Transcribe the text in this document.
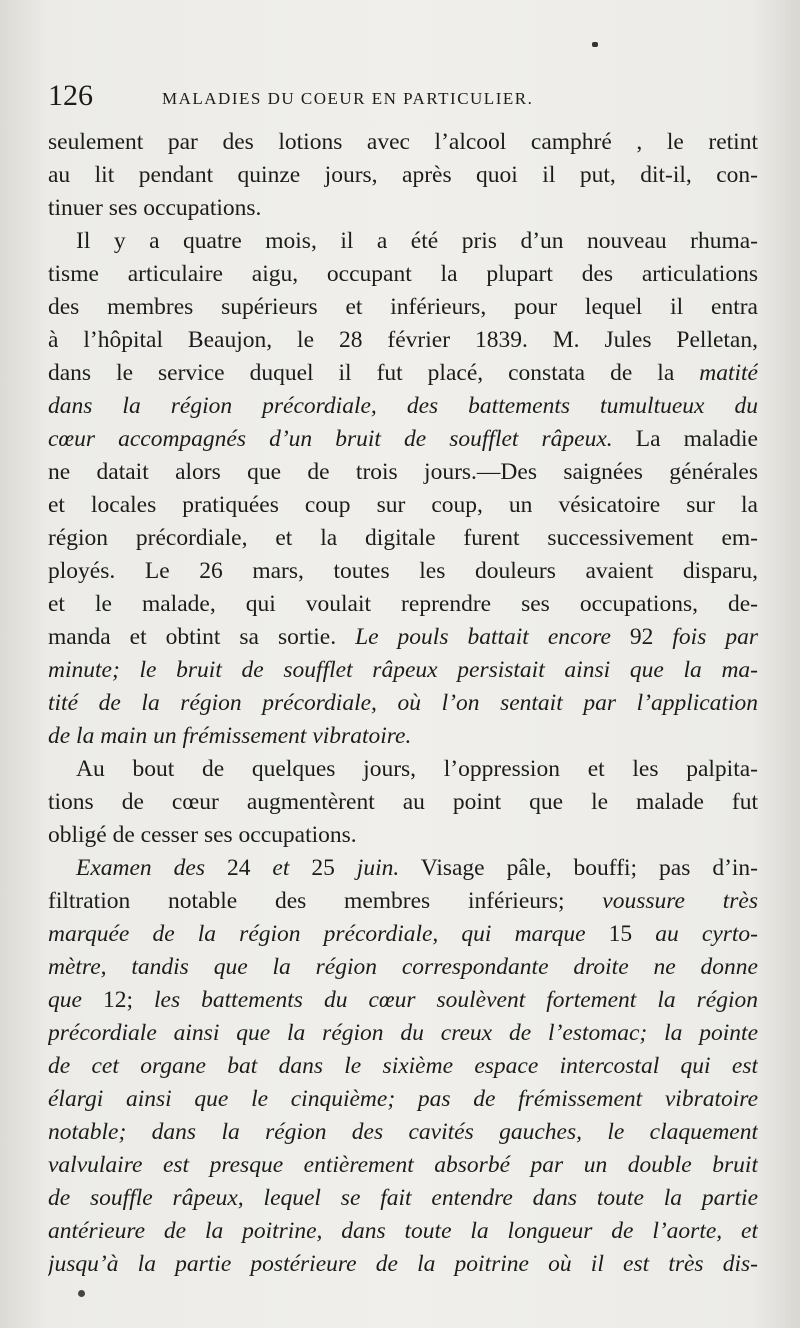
126	MALADIES DU COEUR EN PARTICULIER.
seulement par des lotions avec l’alcool camphré , le retint
au lit pendant quinze jours, après quoi il put, dit-il, con-
tinuer ses occupations.
Il y a quatre mois, il a été pris d’un nouveau rhuma-
tisme articulaire aigu, occupant la plupart des articulations
des membres supérieurs et inférieurs, pour lequel il entra
à l’hôpital Beaujon, le 28 février 1839. M. Jules Pelletan,
dans le service duquel il fut placé, constata de la matité
dans la région précordiale, des battements tumultueux du
cœur accompagnés d’un bruit de soufflet râpeux. La maladie
ne datait alors que de trois jours.—Des saignées générales
et locales pratiquées coup sur coup, un vésicatoire sur la
région précordiale, et la digitale furent successivement em-
ployés. Le 26 mars, toutes les douleurs avaient disparu,
et le malade, qui voulait reprendre ses occupations, de-
manda et obtint sa sortie. Le pouls battait encore 92 fois par
minute; le bruit de soufflet râpeux persistait ainsi que la ma-
tité de la région précordiale, où l’on sentait par l’application
de la main un frémissement vibratoire.
Au bout de quelques jours, l’oppression et les palpita-
tions de cœur augmentèrent au point que le malade fut
obligé de cesser ses occupations.
Examen des 24 et 25 juin. Visage pâle, bouffi; pas d’in-
filtration notable des membres inférieurs; voussure très
marquée de la région précordiale, qui marque 15 au cyrto-
mètre, tandis que la région correspondante droite ne donne
que 12; les battements du cœur soulèvent fortement la région
précordiale ainsi que la région du creux de l’estomac; la pointe
de cet organe bat dans le sixième espace intercostal qui est
élargi ainsi que le cinquième; pas de frémissement vibratoire
notable; dans la région des cavités gauches, le claquement
valvulaire est presque entièrement absorbé par un double bruit
de souffle râpeux, lequel se fait entendre dans toute la partie
antérieure de la poitrine, dans toute la longueur de l’aorte, et
jusqu’à la partie postérieure de la poitrine où il est très dis-
